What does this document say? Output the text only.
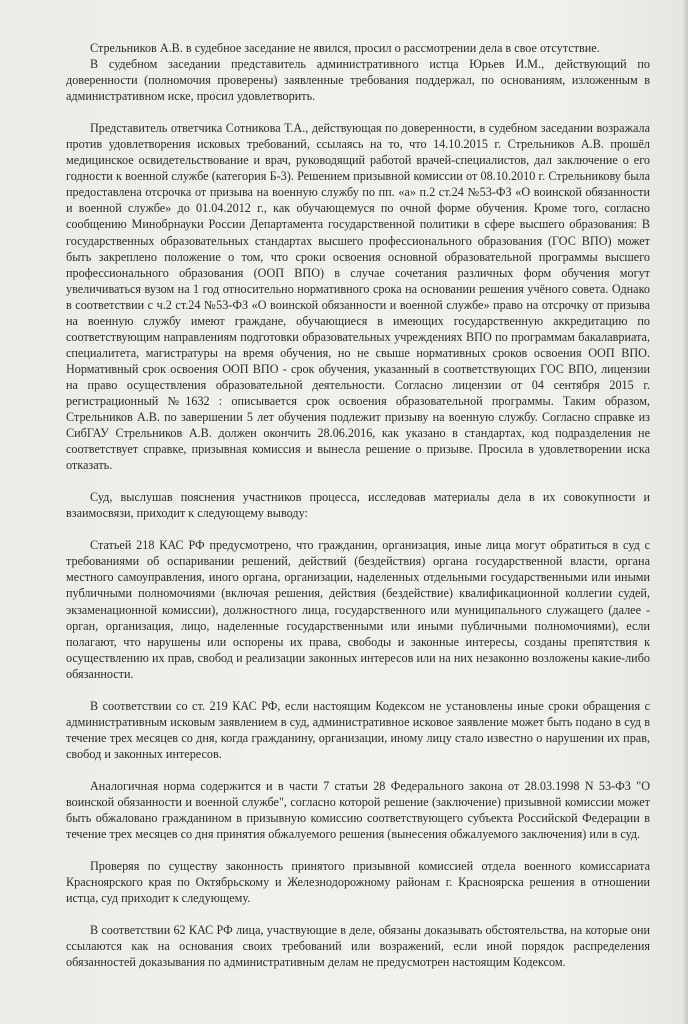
Стрельников А.В. в судебное заседание не явился, просил о рассмотрении дела в свое отсутствие.

В судебном заседании представитель административного истца Юрьев И.М., действующий по доверенности (полномочия проверены) заявленные требования поддержал, по основаниям, изложенным в административном иске, просил удовлетворить.

Представитель ответчика Сотникова Т.А., действующая по доверенности, в судебном заседании возражала против удовлетворения исковых требований, ссылаясь на то, что 14.10.2015 г. Стрельников А.В. прошёл медицинское освидетельствование и врач, руководящий работой врачей-специалистов, дал заключение о его годности к военной службе (категория Б-3). Решением призывной комиссии от 08.10.2010 г. Стрельникову была предоставлена отсрочка от призыва на военную службу по пп. «а» п.2 ст.24 №53-ФЗ «О воинской обязанности и военной службе» до 01.04.2012 г., как обучающемуся по очной форме обучения. Кроме того, согласно сообщению Минобрнауки России Департамента государственной политики в сфере высшего образования: В государственных образовательных стандартах высшего профессионального образования (ГОС ВПО) может быть закреплено положение о том, что сроки освоения основной образовательной программы высшего профессионального образования (ООП ВПО) в случае сочетания различных форм обучения могут увеличиваться вузом на 1 год относительно нормативного срока на основании решения учёного совета. Однако в соответствии с ч.2 ст.24 №53-ФЗ «О воинской обязанности и военной службе» право на отсрочку от призыва на военную службу имеют граждане, обучающиеся в имеющих государственную аккредитацию по соответствующим направлениям подготовки образовательных учреждениях ВПО по программам бакалавриата, специалитета, магистратуры на время обучения, но не свыше нормативных сроков освоения ООП ВПО. Нормативный срок освоения ООП ВПО - срок обучения, указанный в соответствующих ГОС ВПО, лицензии на право осуществления образовательной деятельности. Согласно лицензии от 04 сентября 2015 г. регистрационный №1632 : описывается срок освоения образовательной программы. Таким образом, Стрельников А.В. по завершении 5 лет обучения подлежит призыву на военную службу. Согласно справке из СибГАУ Стрельников А.В. должен окончить 28.06.2016, как указано в стандартах, код подразделения не соответствует справке, призывная комиссия и вынесла решение о призыве. Просила в удовлетворении иска отказать.

Суд, выслушав пояснения участников процесса, исследовав материалы дела в их совокупности и взаимосвязи, приходит к следующему выводу:

Статьей 218 КАС РФ предусмотрено, что гражданин, организация, иные лица могут обратиться в суд с требованиями об оспаривании решений, действий (бездействия) органа государственной власти, органа местного самоуправления, иного органа, организации, наделенных отдельными государственными или иными публичными полномочиями (включая решения, действия (бездействие) квалификационной коллегии судей, экзаменационной комиссии), должностного лица, государственного или муниципального служащего (далее - орган, организация, лицо, наделенные государственными или иными публичными полномочиями), если полагают, что нарушены или оспорены их права, свободы и законные интересы, созданы препятствия к осуществлению их прав, свобод и реализации законных интересов или на них незаконно возложены какие-либо обязанности.

В соответствии со ст. 219 КАС РФ, если настоящим Кодексом не установлены иные сроки обращения с административным исковым заявлением в суд, административное исковое заявление может быть подано в суд в течение трех месяцев со дня, когда гражданину, организации, иному лицу стало известно о нарушении их прав, свобод и законных интересов.

Аналогичная норма содержится и в части 7 статьи 28 Федерального закона от 28.03.1998 N 53-ФЗ "О воинской обязанности и военной службе", согласно которой решение (заключение) призывной комиссии может быть обжаловано гражданином в призывную комиссию соответствующего субъекта Российской Федерации в течение трех месяцев со дня принятия обжалуемого решения (вынесения обжалуемого заключения) или в суд.

Проверяя по существу законность принятого призывной комиссией отдела военного комиссариата Красноярского края по Октябрьскому и Железнодорожному районам г. Красноярска решения в отношении истца, суд приходит к следующему.

В соответствии 62 КАС РФ лица, участвующие в деле, обязаны доказывать обстоятельства, на которые они ссылаются как на основания своих требований или возражений, если иной порядок распределения обязанностей доказывания по административным делам не предусмотрен настоящим Кодексом.
